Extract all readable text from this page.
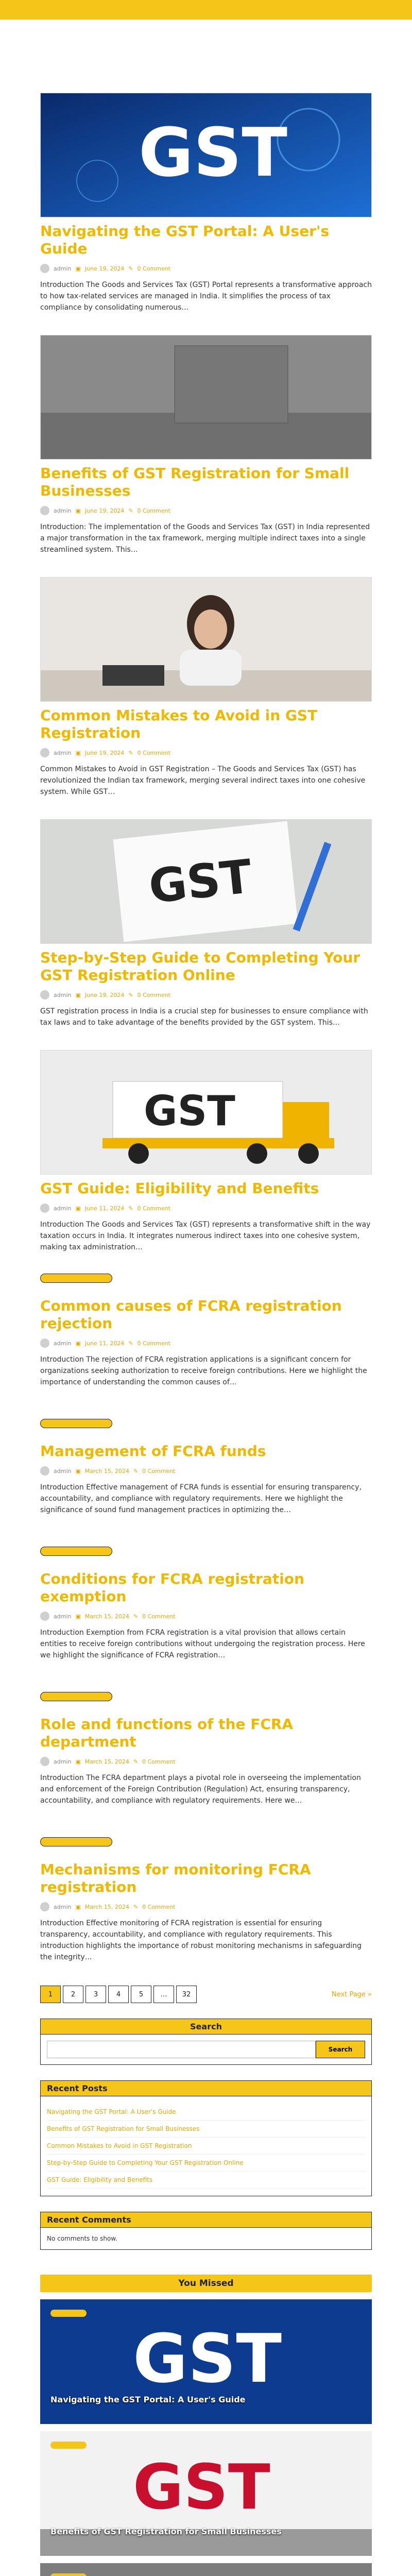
GST
Navigating the GST Portal: A User's Guide
admin ▣ June 19, 2024 ✎ 0 Comment

Introduction The Goods and Services Tax (GST) Portal represents a transformative approach to how tax-related services are managed in India. It simplifies the process of tax compliance by consolidating numerous…

Benefits of GST Registration for Small Businesses
admin ▣ June 19, 2024 ✎ 0 Comment

Introduction: The implementation of the Goods and Services Tax (GST) in India represented a major transformation in the tax framework, merging multiple indirect taxes into a single streamlined system. This…

Common Mistakes to Avoid in GST Registration
admin ▣ June 19, 2024 ✎ 0 Comment

Common Mistakes to Avoid in GST Registration – The Goods and Services Tax (GST) has revolutionized the Indian tax framework, merging several indirect taxes into one cohesive system. While GST…

GST
Step-by-Step Guide to Completing Your GST Registration Online
admin ▣ June 19, 2024 ✎ 0 Comment

GST registration process in India is a crucial step for businesses to ensure compliance with tax laws and to take advantage of the benefits provided by the GST system. This…

GST
GST Guide: Eligibility and Benefits
admin ▣ June 11, 2024 ✎ 0 Comment

Introduction The Goods and Services Tax (GST) represents a transformative shift in the way taxation occurs in India. It integrates numerous indirect taxes into one cohesive system, making tax administration…

Common causes of FCRA registration rejection
admin ▣ June 11, 2024 ✎ 0 Comment

Introduction The rejection of FCRA registration applications is a significant concern for organizations seeking authorization to receive foreign contributions. Here we highlight the importance of understanding the common causes of…

Management of FCRA funds
admin ▣ March 15, 2024 ✎ 0 Comment

Introduction Effective management of FCRA funds is essential for ensuring transparency, accountability, and compliance with regulatory requirements. Here we highlight the significance of sound fund management practices in optimizing the…

Conditions for FCRA registration exemption
admin ▣ March 15, 2024 ✎ 0 Comment

Introduction Exemption from FCRA registration is a vital provision that allows certain entities to receive foreign contributions without undergoing the registration process. Here we highlight the significance of FCRA registration…

Role and functions of the FCRA department
admin ▣ March 15, 2024 ✎ 0 Comment

Introduction The FCRA department plays a pivotal role in overseeing the implementation and enforcement of the Foreign Contribution (Regulation) Act, ensuring transparency, accountability, and compliance with regulatory requirements. Here we…

Mechanisms for monitoring FCRA registration
admin ▣ March 15, 2024 ✎ 0 Comment

Introduction Effective monitoring of FCRA registration is essential for ensuring transparency, accountability, and compliance with regulatory requirements. This introduction highlights the importance of robust monitoring mechanisms in safeguarding the integrity…

1	2	3	4	5	…	32	Next Page »
Search
Search
Recent Posts
Navigating the GST Portal: A User's Guide
Benefits of GST Registration for Small Businesses
Common Mistakes to Avoid in GST Registration
Step-by-Step Guide to Completing Your GST Registration Online
GST Guide: Eligibility and Benefits
Recent Comments
No comments to show.
You Missed
GST
Navigating the GST Portal: A User's Guide
GST
Benefits of GST Registration for Small Businesses
